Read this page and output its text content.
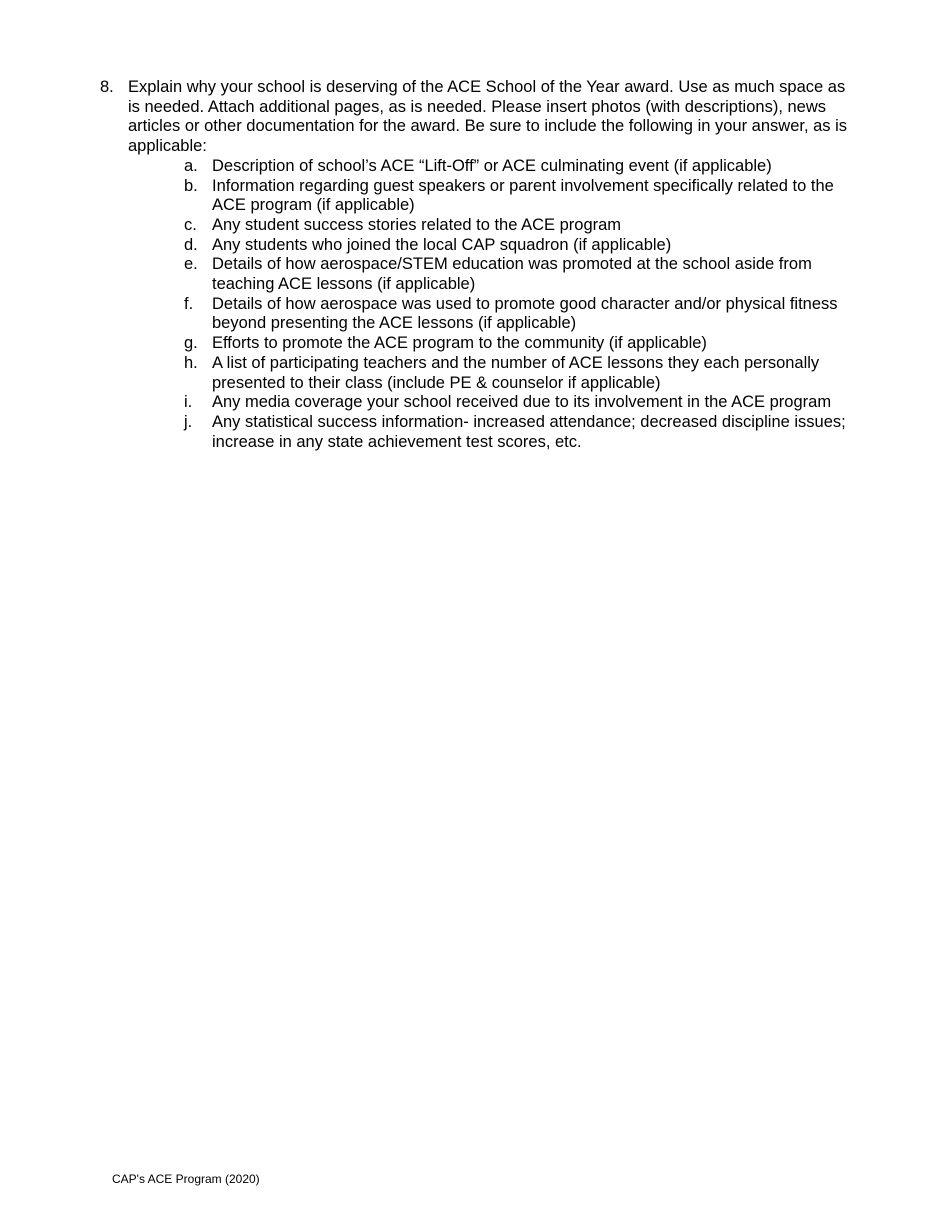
8. Explain why your school is deserving of the ACE School of the Year award. Use as much space as is needed. Attach additional pages, as is needed. Please insert photos (with descriptions), news articles or other documentation for the award. Be sure to include the following in your answer, as is applicable:
a. Description of school’s ACE “Lift-Off” or ACE culminating event (if applicable)
b. Information regarding guest speakers or parent involvement specifically related to the ACE program (if applicable)
c. Any student success stories related to the ACE program
d. Any students who joined the local CAP squadron (if applicable)
e. Details of how aerospace/STEM education was promoted at the school aside from teaching ACE lessons (if applicable)
f.	Details of how aerospace was used to promote good character and/or physical fitness beyond presenting the ACE lessons (if applicable)
g. Efforts to promote the ACE program to the community (if applicable)
h. A list of participating teachers and the number of ACE lessons they each personally presented to their class (include PE & counselor if applicable)
i.	Any media coverage your school received due to its involvement in the ACE program
j.	Any statistical success information- increased attendance; decreased discipline issues; increase in any state achievement test scores, etc.
CAP's ACE Program (2020)
